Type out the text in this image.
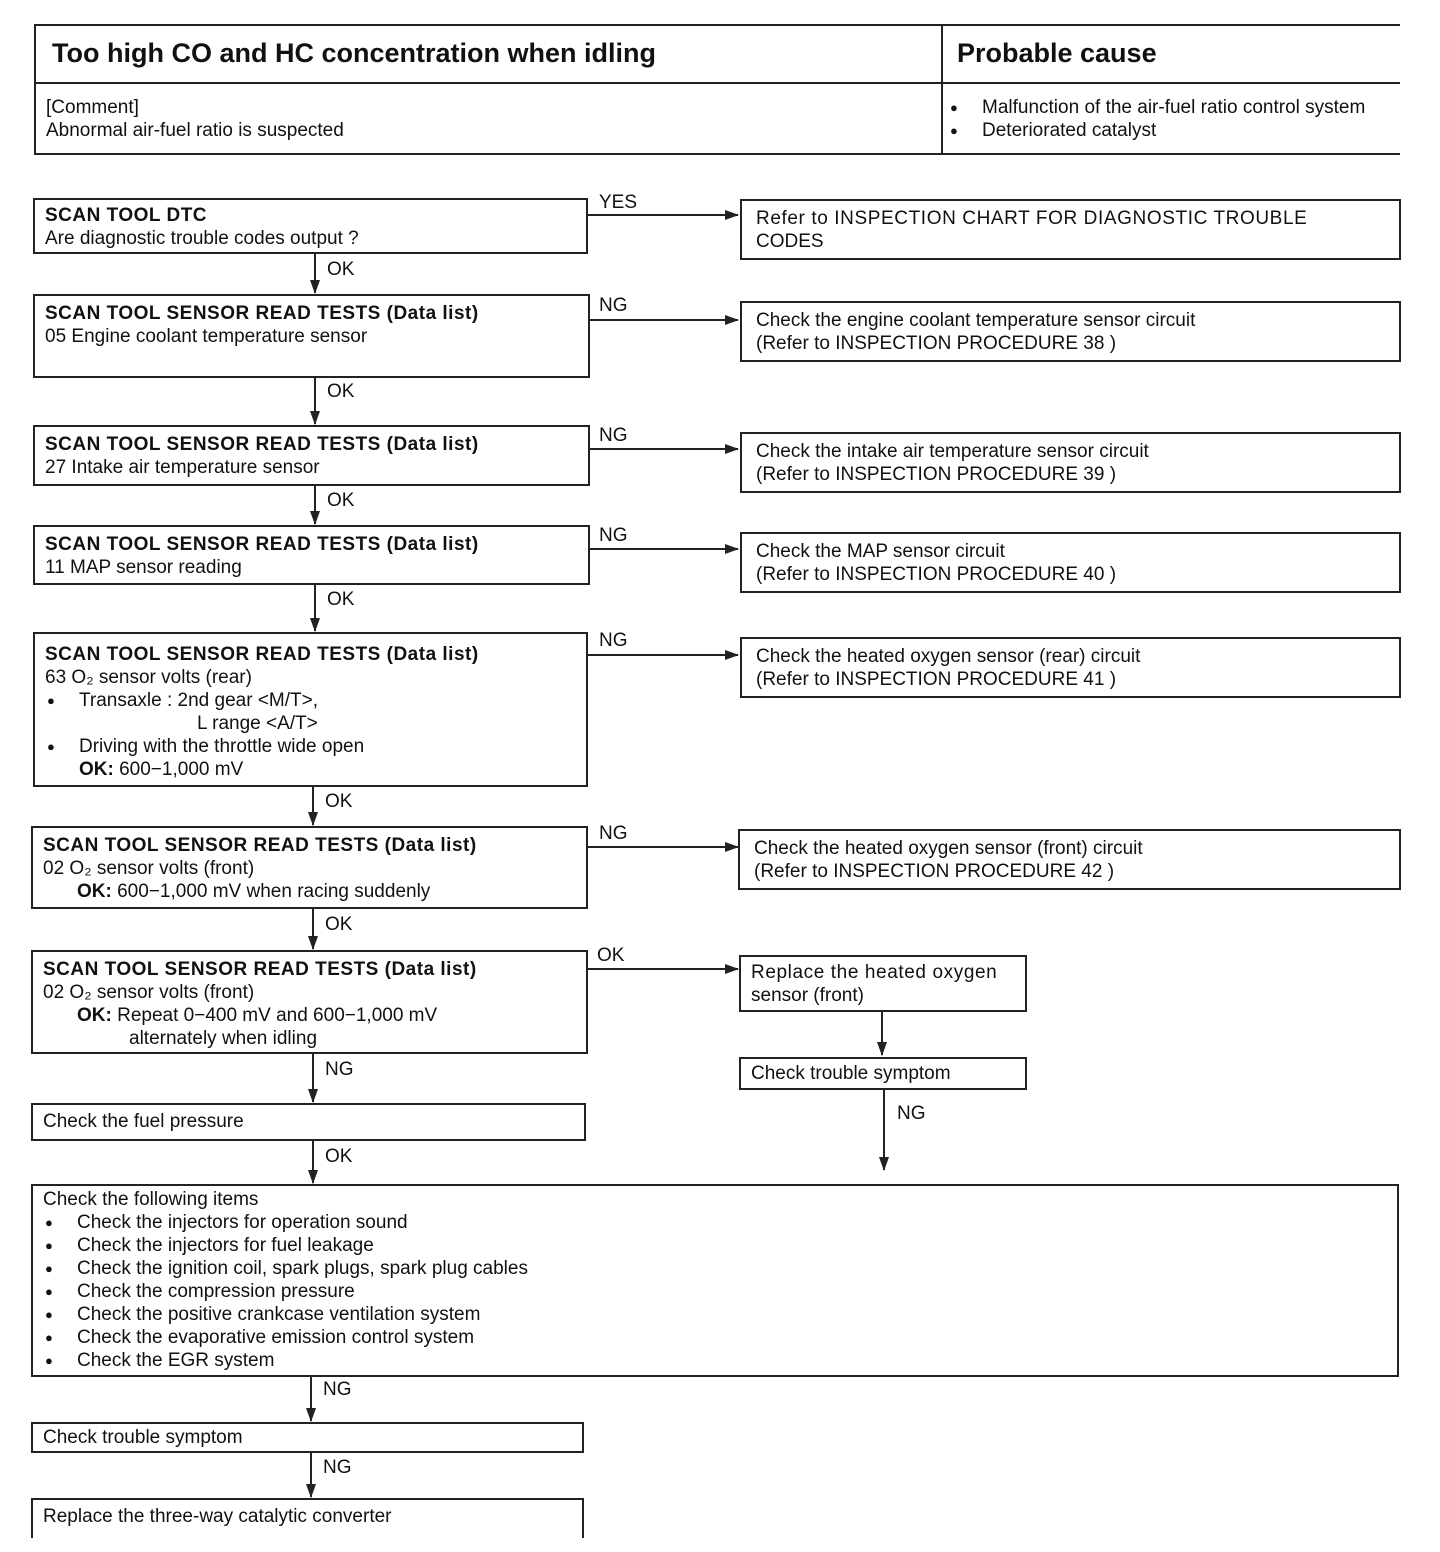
Too high CO and HC concentration when idling	Probable cause
[Comment]
Abnormal air-fuel ratio is suspected
● Malfunction of the air-fuel ratio control system
● Deteriorated catalyst
YES
OK
NG
OK
NG
OK
NG
OK
NG
OK
NG
OK
OK
NG
OK
NG
NG
NG
SCAN TOOL DTC
Are diagnostic trouble codes output ?
SCAN TOOL SENSOR READ TESTS (Data list)
05 Engine coolant temperature sensor
SCAN TOOL SENSOR READ TESTS (Data list)
27 Intake air temperature sensor
SCAN TOOL SENSOR READ TESTS (Data list)
11 MAP sensor reading
SCAN TOOL SENSOR READ TESTS (Data list)
63 O₂ sensor volts (rear)
● Transaxle : 2nd gear <M/T>,
L range <A/T>
● Driving with the throttle wide open
OK: 600−1,000 mV
SCAN TOOL SENSOR READ TESTS (Data list)
02 O₂ sensor volts (front)
OK: 600−1,000 mV when racing suddenly
SCAN TOOL SENSOR READ TESTS (Data list)
02 O₂ sensor volts (front)
OK: Repeat 0−400 mV and 600−1,000 mV
alternately when idling
Check the fuel pressure
Check the following items
● Check the injectors for operation sound
● Check the injectors for fuel leakage
● Check the ignition coil, spark plugs, spark plug cables
● Check the compression pressure
● Check the positive crankcase ventilation system
● Check the evaporative emission control system
● Check the EGR system
Check trouble symptom
Replace the three-way catalytic converter
Refer to INSPECTION CHART FOR DIAGNOSTIC TROUBLE
CODES
Check the engine coolant temperature sensor circuit
(Refer to INSPECTION PROCEDURE 38 )
Check the intake air temperature sensor circuit
(Refer to INSPECTION PROCEDURE 39 )
Check the MAP sensor circuit
(Refer to INSPECTION PROCEDURE 40 )
Check the heated oxygen sensor (rear) circuit
(Refer to INSPECTION PROCEDURE 41 )
Check the heated oxygen sensor (front) circuit
(Refer to INSPECTION PROCEDURE 42 )
Replace the heated oxygen
sensor (front)
Check trouble symptom
